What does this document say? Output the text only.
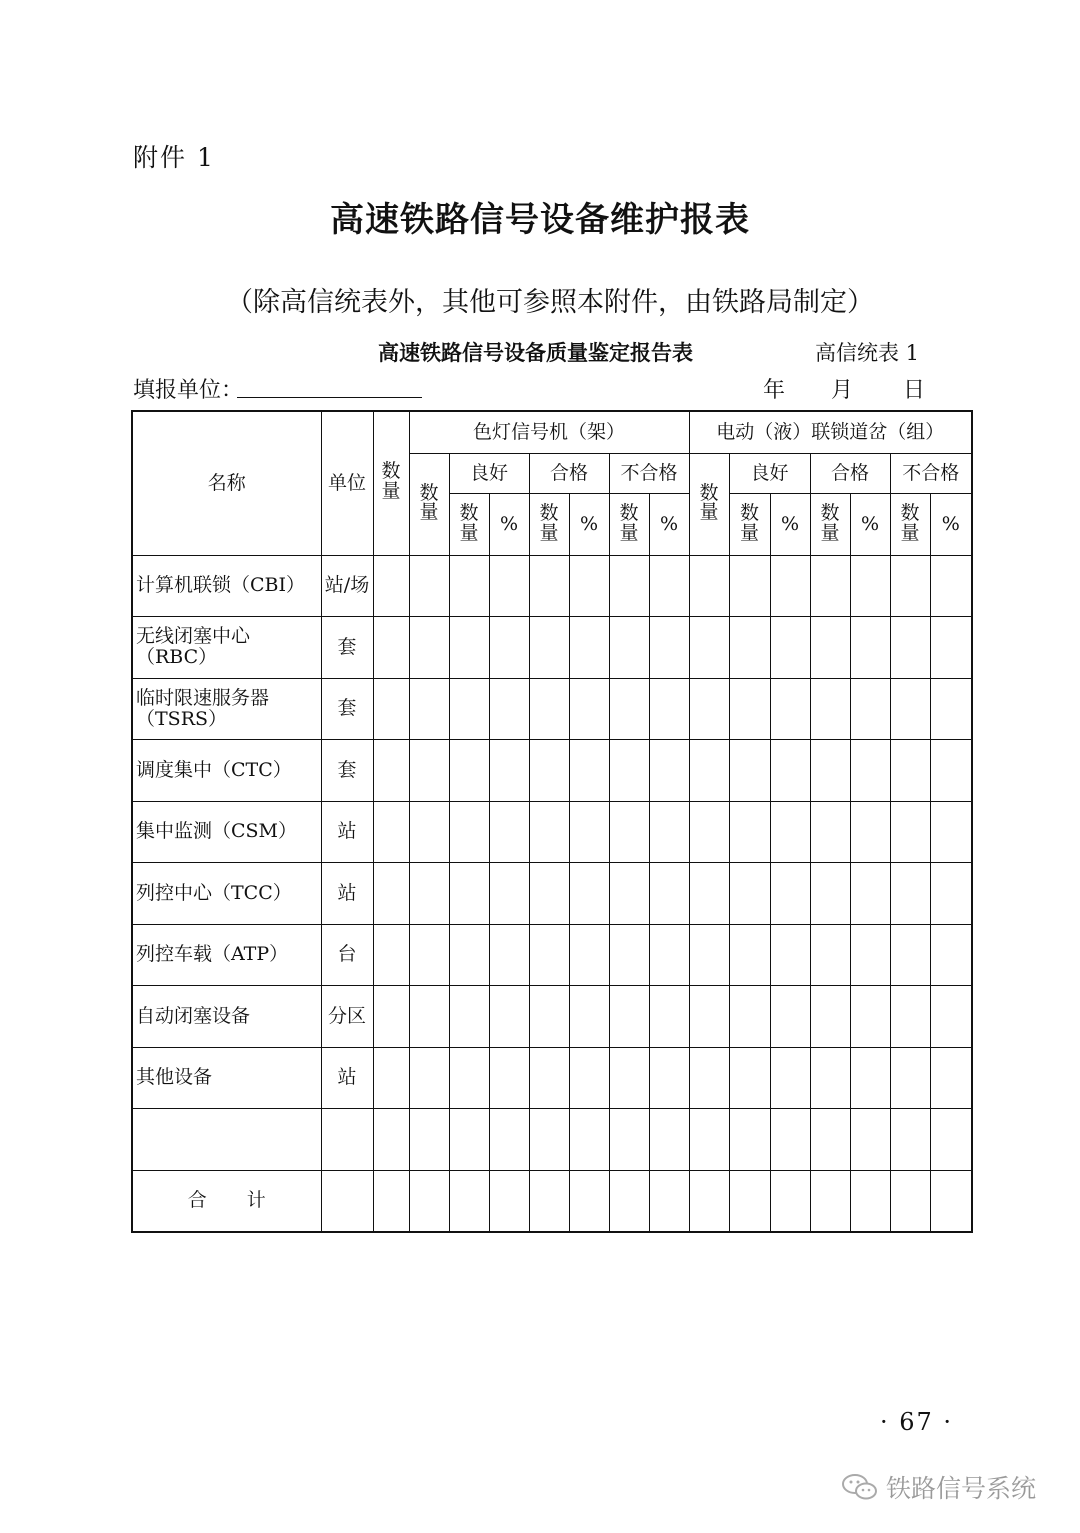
附件 1
高速铁路信号设备维护报表
（除高信统表外，其他可参照本附件，由铁路局制定）
高速铁路信号设备质量鉴定报告表	高信统表 1
填报单位：	年 月 日
名称	单位	数量	色灯信号机（架）							电动（液）联锁道岔（组）						
			数量	良好		合格		不合格		数量	良好		合格		不合格	
				数量	%	数量	%	数量	%		数量	%	数量	%	数量	%
计算机联锁（CBI）	站/场															
无线闭塞中心（RBC）	套															
临时限速服务器（TSRS）	套															
调度集中（CTC）	套															
集中监测（CSM）	站															
列控中心（TCC）	站															
列控车载（ATP）	台															
自动闭塞设备	分区															
其他设备	站															

合计																
· 67 ·
铁路信号系统
